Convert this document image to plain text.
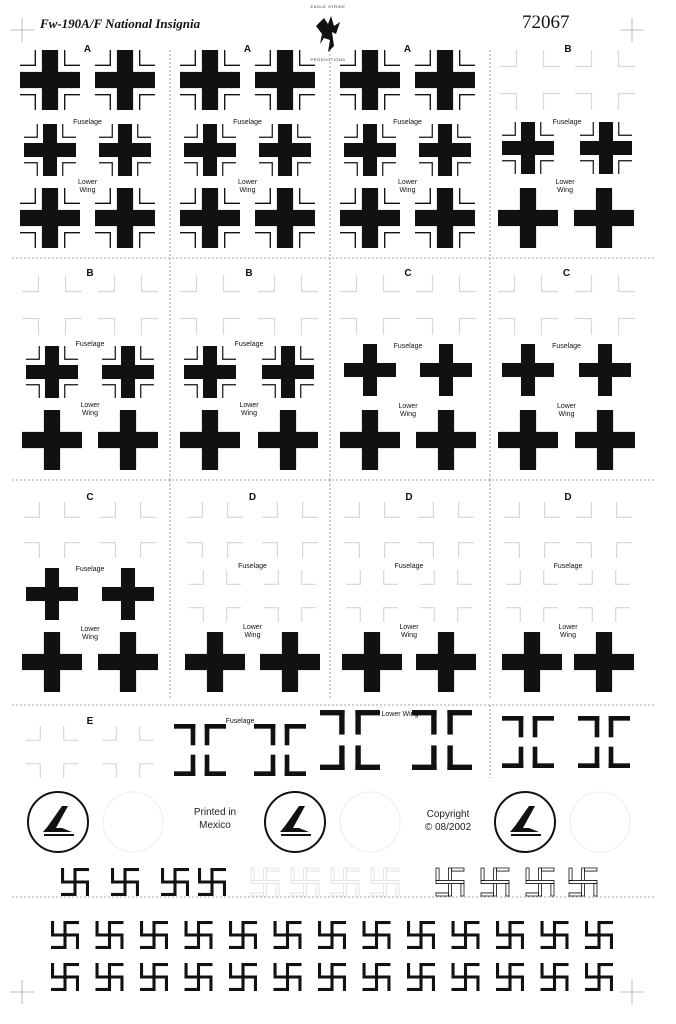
Fw-190A/F National Insignia	72067
EAGLE STRIKE
PRODUCTIONS
A
Fuselage
Lower
Wing
A
Fuselage
Lower
Wing
A
Fuselage
Lower
Wing
B
Fuselage
Lower
Wing
B
Fuselage
Lower
Wing
B
Fuselage
Lower
Wing
C
Fuselage
Lower
Wing
C
Fuselage
Lower
Wing
C
Fuselage
Lower
Wing
D
Fuselage
Lower
Wing
D
Fuselage
Lower
Wing
D
Fuselage
Lower
Wing
E	Fuselage
Lower Wing
Printed in
Mexico
Copyright
© 08/2002
